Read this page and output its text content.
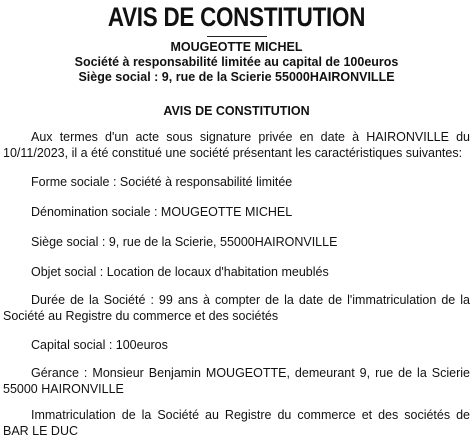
AVIS DE CONSTITUTION
MOUGEOTTE MICHEL
Société à responsabilité limitée au capital de 100euros
Siège social : 9, rue de la Scierie 55000HAIRONVILLE
AVIS DE CONSTITUTION
Aux termes d'un acte sous signature privée en date à HAIRONVILLE du 10/11/2023, il a été constitué une société présentant les caractéristiques suivantes:
Forme sociale : Société à responsabilité limitée
Dénomination sociale : MOUGEOTTE MICHEL
Siège social : 9, rue de la Scierie, 55000HAIRONVILLE
Objet social : Location de locaux d'habitation meublés
Durée de la Société : 99 ans à compter de la date de l'immatriculation de la Société au Registre du commerce et des sociétés
Capital social : 100euros
Gérance : Monsieur Benjamin MOUGEOTTE, demeurant 9, rue de la Scierie 55000 HAIRONVILLE
Immatriculation de la Société au Registre du commerce et des sociétés de BAR LE DUC
